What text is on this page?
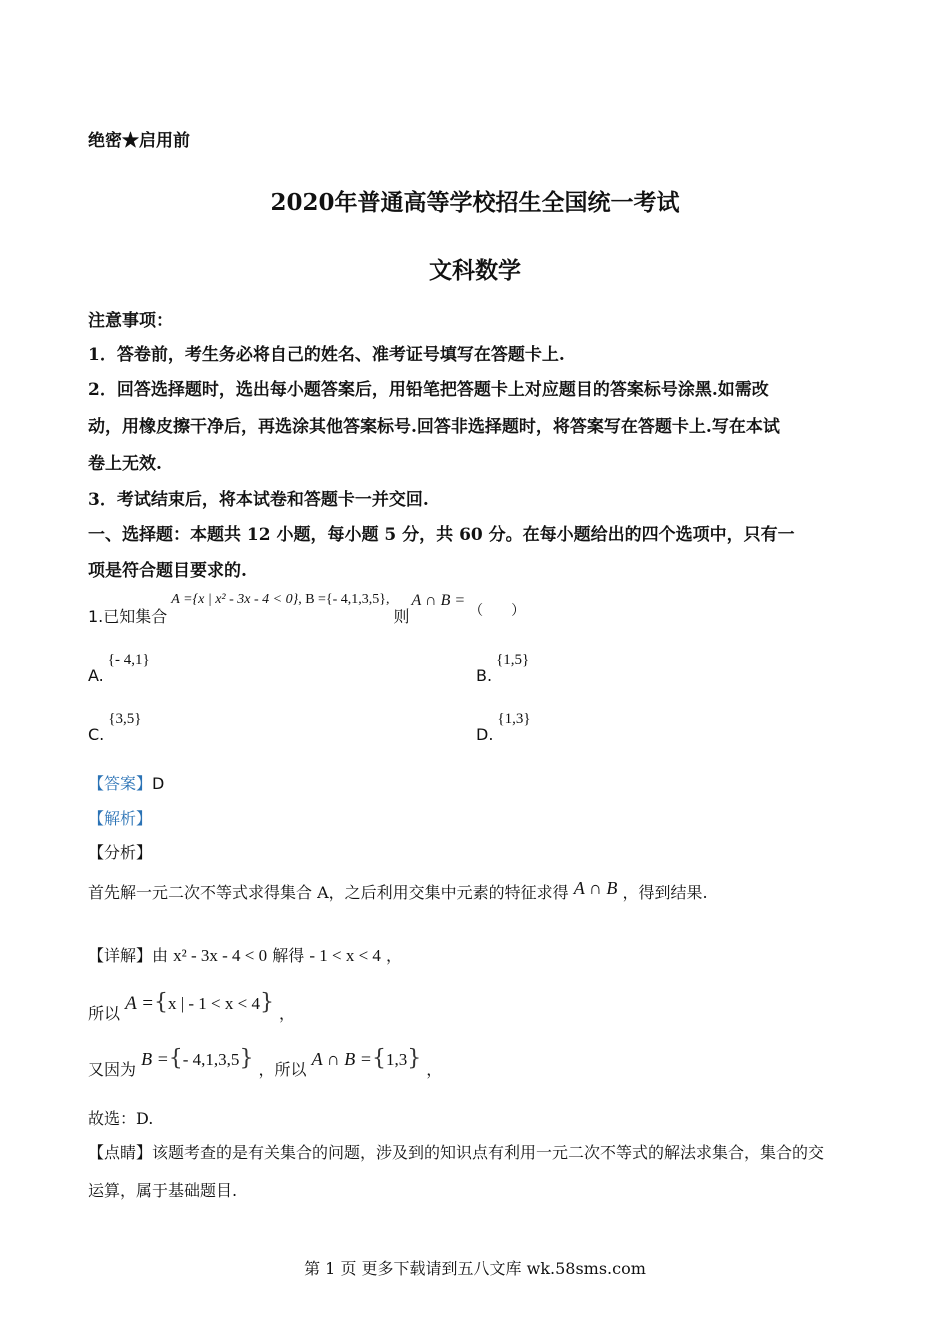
绝密★启用前
2020年普通高等学校招生全国统一考试
文科数学
注意事项：
1．答卷前，考生务必将自己的姓名、准考证号填写在答题卡上.
2．回答选择题时，选出每小题答案后，用铅笔把答题卡上对应题目的答案标号涂黑.如需改
动，用橡皮擦干净后，再选涂其他答案标号.回答非选择题时，将答案写在答题卡上.写在本试
卷上无效.
3．考试结束后，将本试卷和答题卡一并交回.
一、选择题：本题共 12 小题，每小题 5 分，共 60 分。在每小题给出的四个选项中，只有一
项是符合题目要求的.
1.已知集合
A ={x | x² - 3x - 4 < 0} , B ={- 4,1,3,5},
则
A ∩ B =
（　　）
A.
{- 4,1}
B.
{1,5}
C.
{3,5}
D.
{1,3}
【答案】D
【解析】
【分析】
首先解一元二次不等式求得集合 A，之后利用交集中元素的特征求得 A ∩ B ，得到结果.
【详解】由 x² - 3x - 4 < 0 解得 - 1 < x < 4 ，
所以 A ={x | - 1 < x < 4} ，
又因为 B ={- 4,1,3,5} ，所以 A ∩ B ={1,3} ，
故选：D.
【点睛】该题考查的是有关集合的问题，涉及到的知识点有利用一元二次不等式的解法求集合，集合的交
运算，属于基础题目.
第 1 页 更多下载请到五八文库 wk.58sms.com
